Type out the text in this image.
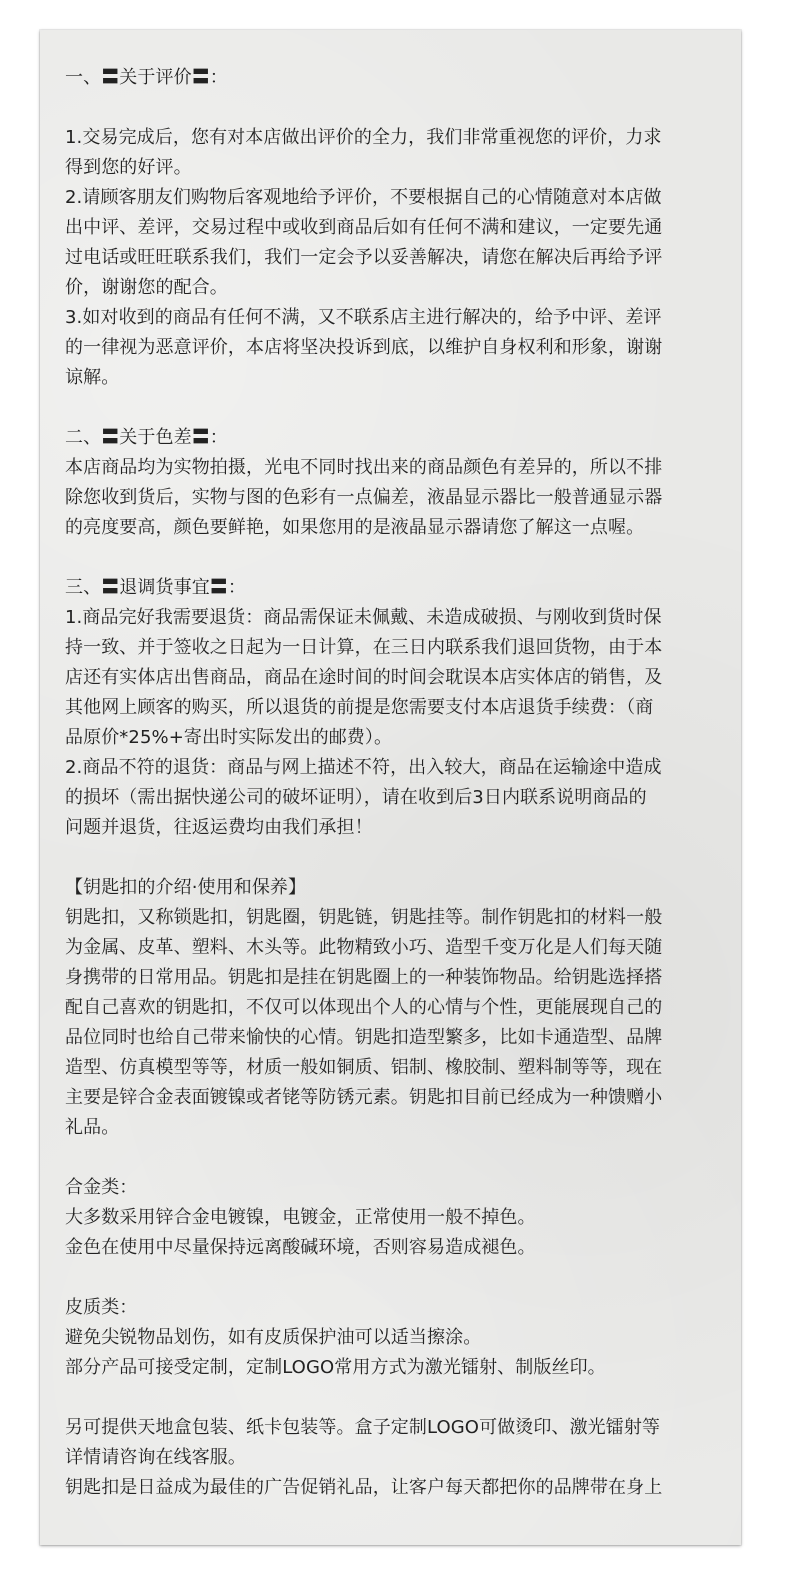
一、〓关于评价〓：
1.交易完成后，您有对本店做出评价的全力，我们非常重视您的评价，力求
得到您的好评。
2.请顾客朋友们购物后客观地给予评价，不要根据自己的心情随意对本店做
出中评、差评，交易过程中或收到商品后如有任何不满和建议，一定要先通
过电话或旺旺联系我们，我们一定会予以妥善解决，请您在解决后再给予评
价，谢谢您的配合。
3.如对收到的商品有任何不满，又不联系店主进行解决的，给予中评、差评
的一律视为恶意评价，本店将坚决投诉到底，以维护自身权利和形象，谢谢
谅解。
二、〓关于色差〓：
本店商品均为实物拍摄，光电不同时找出来的商品颜色有差异的，所以不排
除您收到货后，实物与图的色彩有一点偏差，液晶显示器比一般普通显示器
的亮度要高，颜色要鲜艳，如果您用的是液晶显示器请您了解这一点喔。
三、〓退调货事宜〓：
1.商品完好我需要退货：商品需保证未佩戴、未造成破损、与刚收到货时保
持一致、并于签收之日起为一日计算，在三日内联系我们退回货物，由于本
店还有实体店出售商品，商品在途时间的时间会耽误本店实体店的销售，及
其他网上顾客的购买，所以退货的前提是您需要支付本店退货手续费：（商
品原价*25%+寄出时实际发出的邮费）。
2.商品不符的退货：商品与网上描述不符，出入较大，商品在运输途中造成
的损坏（需出据快递公司的破坏证明），请在收到后3日内联系说明商品的
问题并退货，往返运费均由我们承担！
【钥匙扣的介绍·使用和保养】
钥匙扣，又称锁匙扣，钥匙圈，钥匙链，钥匙挂等。制作钥匙扣的材料一般
为金属、皮革、塑料、木头等。此物精致小巧、造型千变万化是人们每天随
身携带的日常用品。钥匙扣是挂在钥匙圈上的一种装饰物品。给钥匙选择搭
配自己喜欢的钥匙扣，不仅可以体现出个人的心情与个性，更能展现自己的
品位同时也给自己带来愉快的心情。钥匙扣造型繁多，比如卡通造型、品牌
造型、仿真模型等等，材质一般如铜质、铝制、橡胶制、塑料制等等，现在
主要是锌合金表面镀镍或者铑等防锈元素。钥匙扣目前已经成为一种馈赠小
礼品。
合金类：
大多数采用锌合金电镀镍，电镀金，正常使用一般不掉色。
金色在使用中尽量保持远离酸碱环境，否则容易造成褪色。
皮质类：
避免尖锐物品划伤，如有皮质保护油可以适当擦涂。
部分产品可接受定制，定制LOGO常用方式为激光镭射、制版丝印。
另可提供天地盒包装、纸卡包装等。盒子定制LOGO可做烫印、激光镭射等
详情请咨询在线客服。
钥匙扣是日益成为最佳的广告促销礼品，让客户每天都把你的品牌带在身上
